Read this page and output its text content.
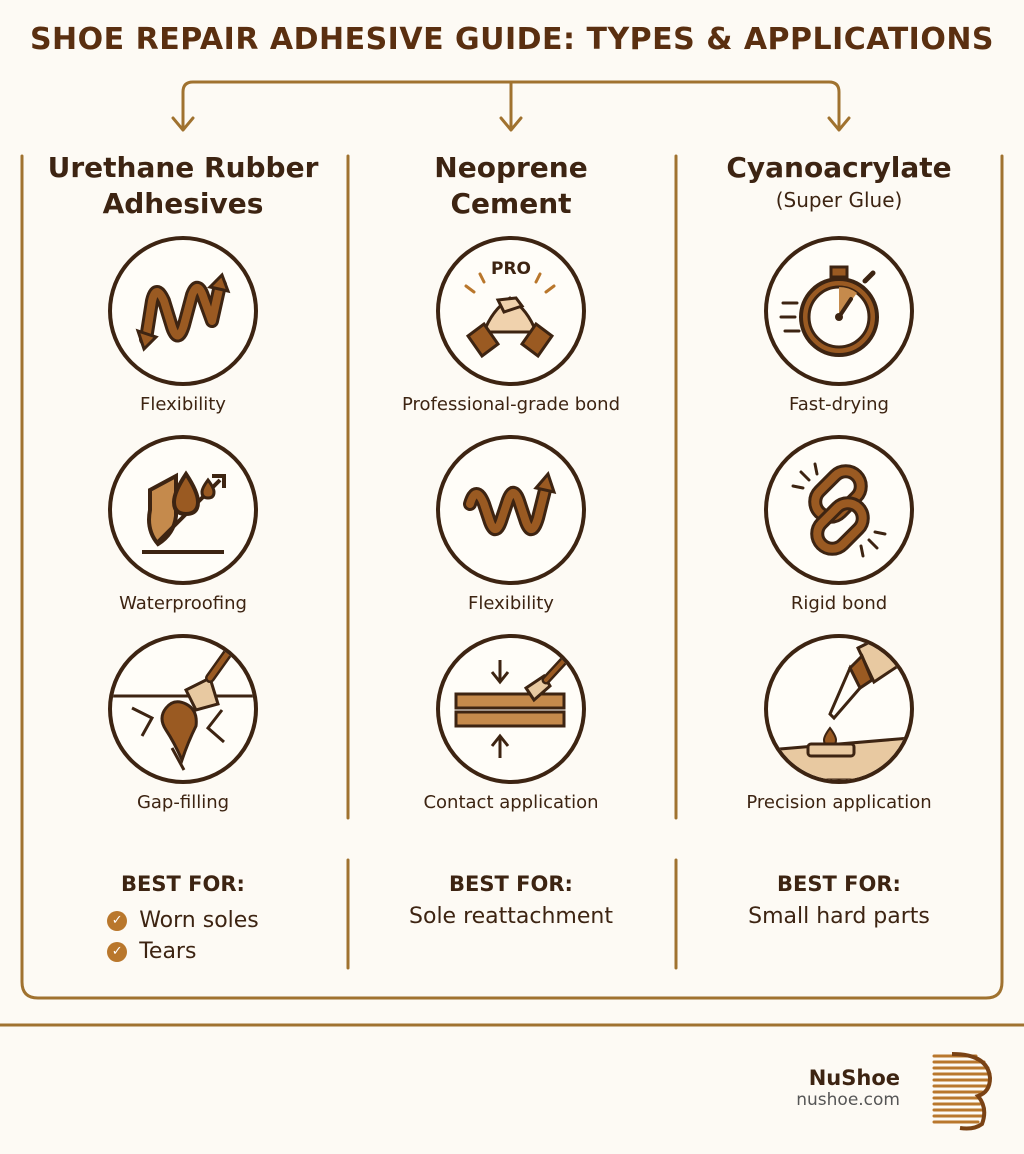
SHOE REPAIR ADHESIVE GUIDE: TYPES & APPLICATIONS
Urethane Rubber
Adhesives
Flexibility
Waterproofing
Gap-filling
BEST FOR:
✓ Worn soles
✓ Tears
Neoprene
Cement
PRO
Professional-grade bond
Flexibility
Contact application
BEST FOR:
Sole reattachment
Cyanoacrylate
(Super Glue)
Fast-drying
Rigid bond
Precision application
BEST FOR:
Small hard parts
NuShoe
nushoe.com
